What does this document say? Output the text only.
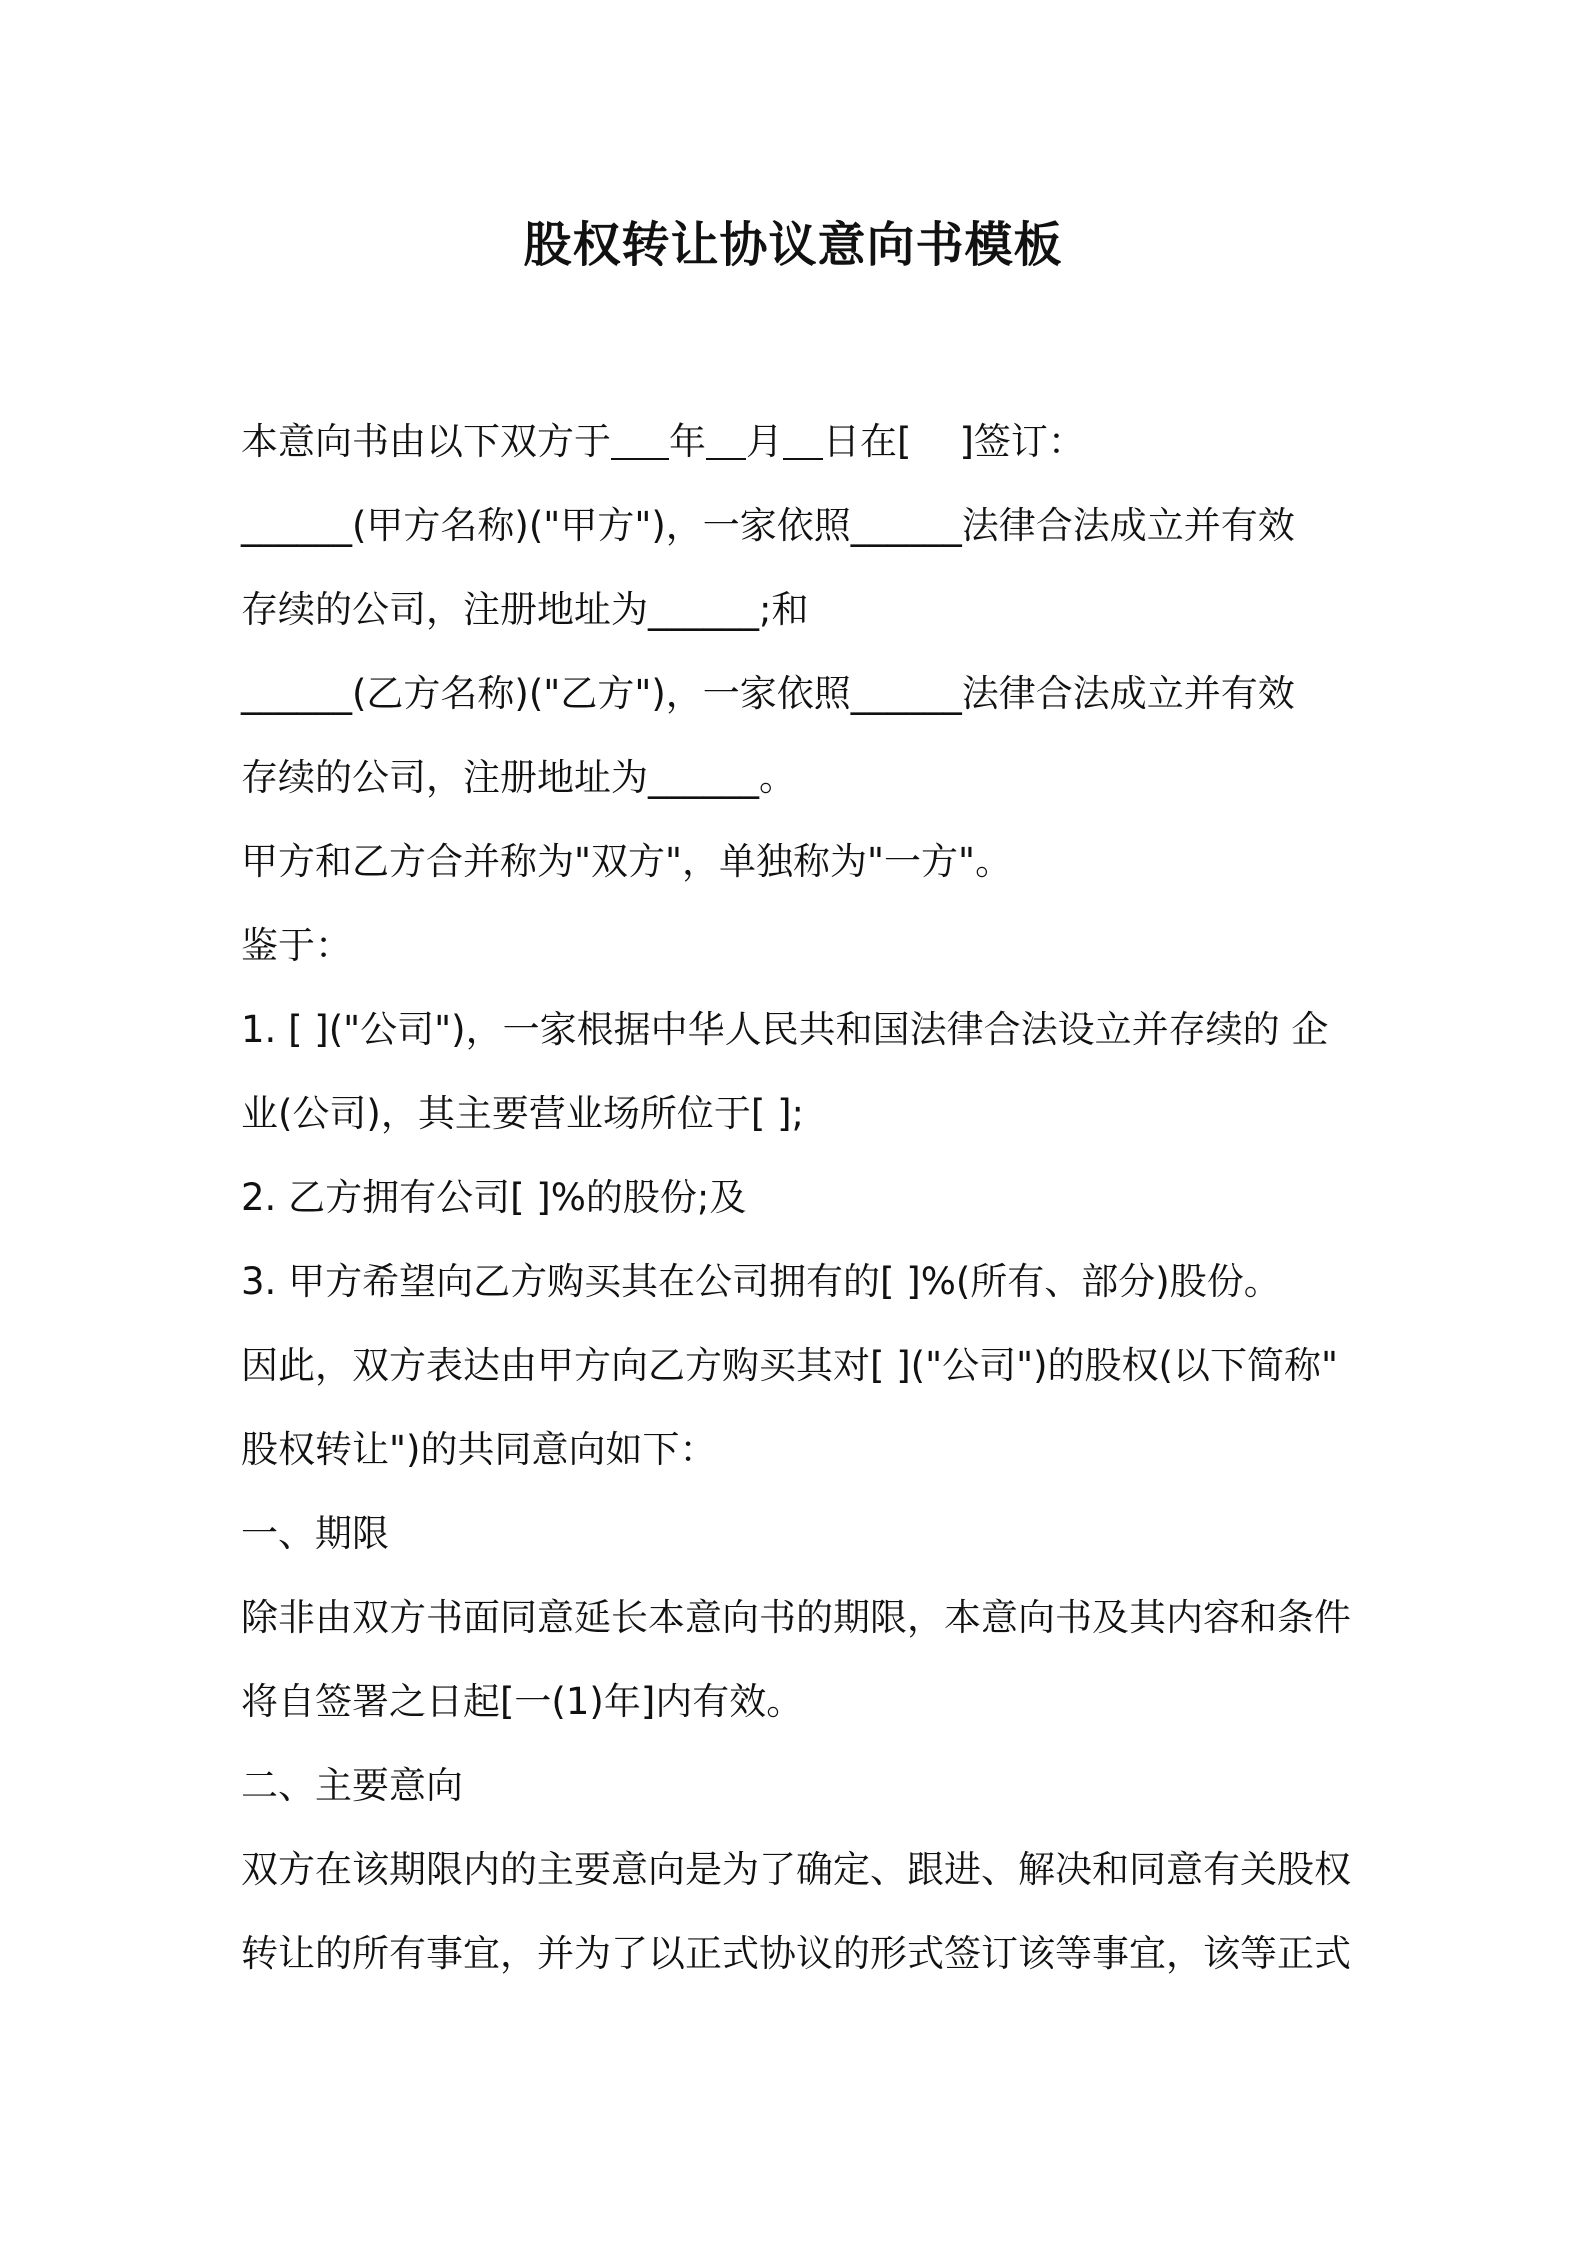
股权转让协议意向书模板

本意向书由以下双方于 年 月 日在[ ]签订：

______(甲方名称)("甲方")，一家依照______法律合法成立并有效

存续的公司，注册地址为______;和

______(乙方名称)("乙方")，一家依照______法律合法成立并有效

存续的公司，注册地址为______。

甲方和乙方合并称为"双方"，单独称为"一方"。

鉴于：

1. [ ]("公司")，一家根据中华人民共和国法律合法设立并存续的 企

业(公司)，其主要营业场所位于[ ];

2. 乙方拥有公司[ ]%的股份;及

3. 甲方希望向乙方购买其在公司拥有的[ ]%(所有、部分)股份。

因此，双方表达由甲方向乙方购买其对[ ]("公司")的股权(以下简称"

股权转让")的共同意向如下：

一、期限

除非由双方书面同意延长本意向书的期限，本意向书及其内容和条件

将自签署之日起[一(1)年]内有效。

二、主要意向

双方在该期限内的主要意向是为了确定、跟进、解决和同意有关股权

转让的所有事宜，并为了以正式协议的形式签订该等事宜，该等正式
